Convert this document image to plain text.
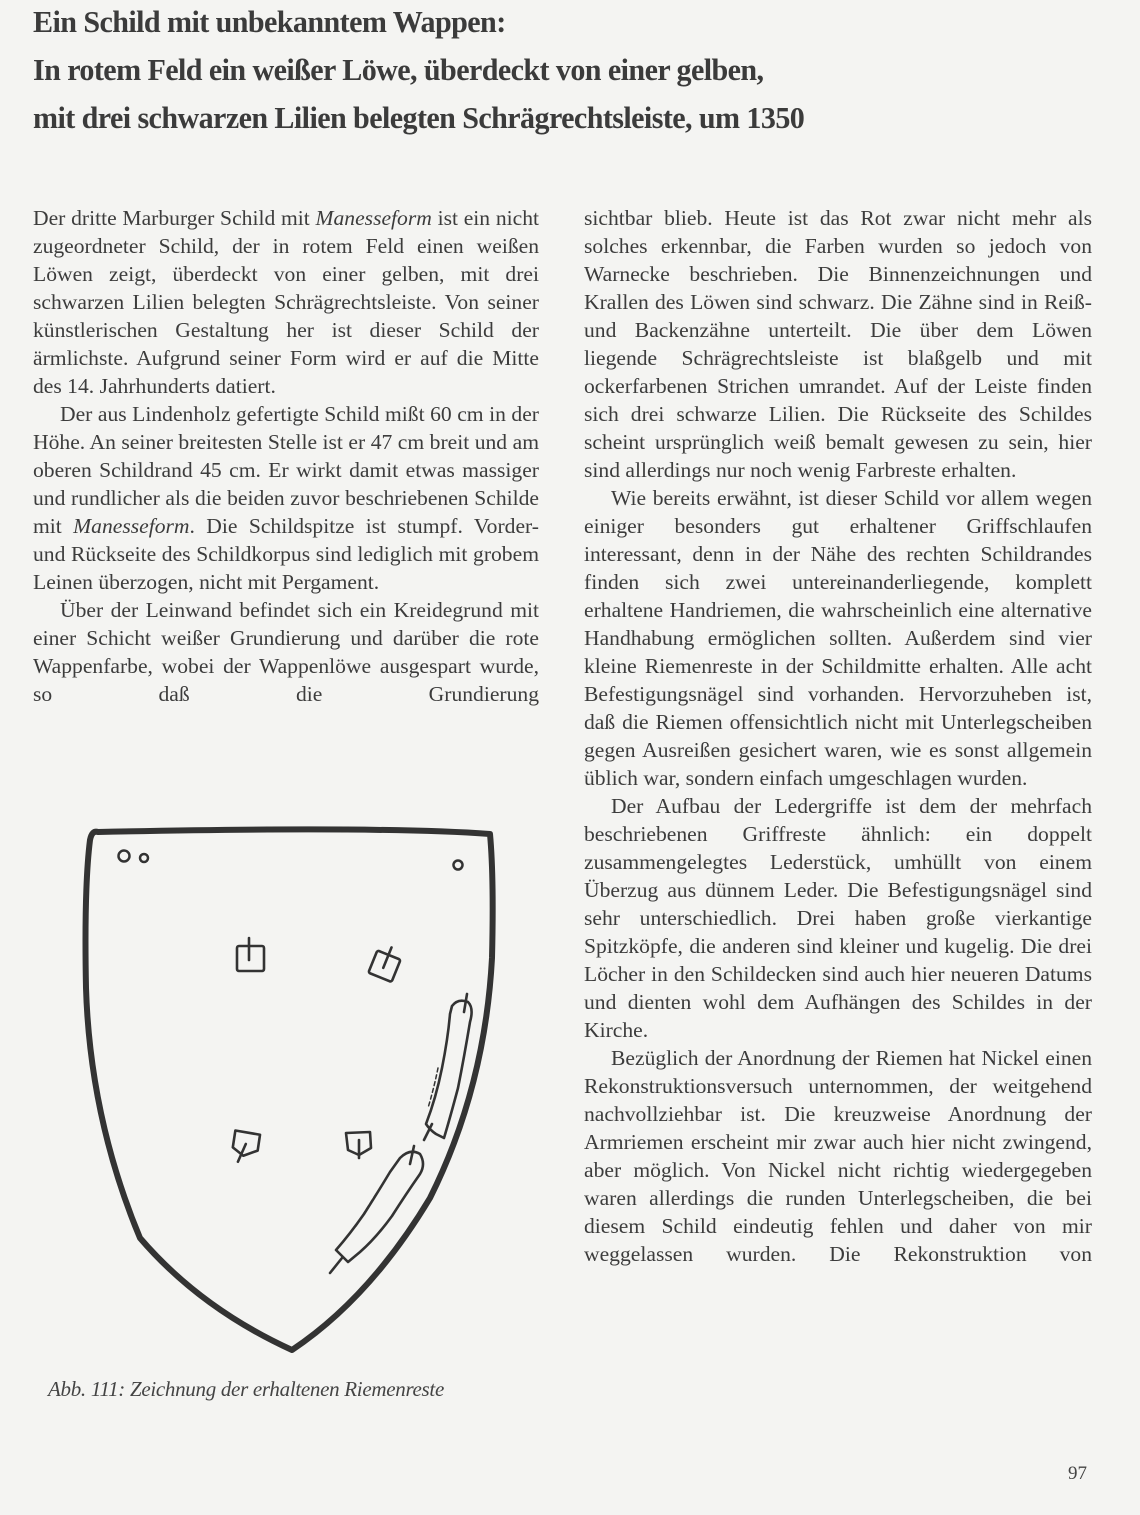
Ein Schild mit unbekanntem Wappen:
In rotem Feld ein weißer Löwe, überdeckt von einer gelben,
mit drei schwarzen Lilien belegten Schrägrechtsleiste, um 1350

Der dritte Marburger Schild mit Manesseform ist ein nicht zugeordneter Schild, der in rotem Feld einen weißen Löwen zeigt, überdeckt von einer gelben, mit drei schwarzen Lilien belegten Schrägrechtsleiste. Von seiner künstlerischen Gestaltung her ist dieser Schild der ärmlichste. Aufgrund seiner Form wird er auf die Mitte des 14. Jahrhunderts datiert.

Der aus Lindenholz gefertigte Schild mißt 60 cm in der Höhe. An seiner breitesten Stelle ist er 47 cm breit und am oberen Schildrand 45 cm. Er wirkt damit etwas massiger und rundlicher als die beiden zuvor beschriebenen Schilde mit Manesseform. Die Schildspitze ist stumpf. Vorder- und Rückseite des Schildkorpus sind lediglich mit grobem Leinen überzogen, nicht mit Pergament.

Über der Leinwand befindet sich ein Kreidegrund mit einer Schicht weißer Grundierung und darüber die rote Wappenfarbe, wobei der Wappenlöwe ausgespart wurde, so daß die Grundierung

sichtbar blieb. Heute ist das Rot zwar nicht mehr als solches erkennbar, die Farben wurden so jedoch von Warnecke beschrieben. Die Binnenzeichnungen und Krallen des Löwen sind schwarz. Die Zähne sind in Reiß- und Backenzähne unterteilt. Die über dem Löwen liegende Schrägrechtsleiste ist blaßgelb und mit ockerfarbenen Strichen umrandet. Auf der Leiste finden sich drei schwarze Lilien. Die Rückseite des Schildes scheint ursprünglich weiß bemalt gewesen zu sein, hier sind allerdings nur noch wenig Farbreste erhalten.

Wie bereits erwähnt, ist dieser Schild vor allem wegen einiger besonders gut erhaltener Griffschlaufen interessant, denn in der Nähe des rechten Schildrandes finden sich zwei untereinanderliegende, komplett erhaltene Handriemen, die wahrscheinlich eine alternative Handhabung ermöglichen sollten. Außerdem sind vier kleine Riemenreste in der Schildmitte erhalten. Alle acht Befestigungsnägel sind vorhanden. Hervorzuheben ist, daß die Riemen offensichtlich nicht mit Unterlegscheiben gegen Ausreißen gesichert waren, wie es sonst allgemein üblich war, sondern einfach umgeschlagen wurden.

Der Aufbau der Ledergriffe ist dem der mehrfach beschriebenen Griffreste ähnlich: ein doppelt zusammengelegtes Lederstück, umhüllt von einem Überzug aus dünnem Leder. Die Befestigungsnägel sind sehr unterschiedlich. Drei haben große vierkantige Spitzköpfe, die anderen sind kleiner und kugelig. Die drei Löcher in den Schildecken sind auch hier neueren Datums und dienten wohl dem Aufhängen des Schildes in der Kirche.

Bezüglich der Anordnung der Riemen hat Nickel einen Rekonstruktionsversuch unternommen, der weitgehend nachvollziehbar ist. Die kreuzweise Anordnung der Armriemen erscheint mir zwar auch hier nicht zwingend, aber möglich. Von Nickel nicht richtig wiedergegeben waren allerdings die runden Unterlegscheiben, die bei diesem Schild eindeutig fehlen und daher von mir weggelassen wurden. Die Rekonstruktion von

Abb. 111: Zeichnung der erhaltenen Riemenreste
97
